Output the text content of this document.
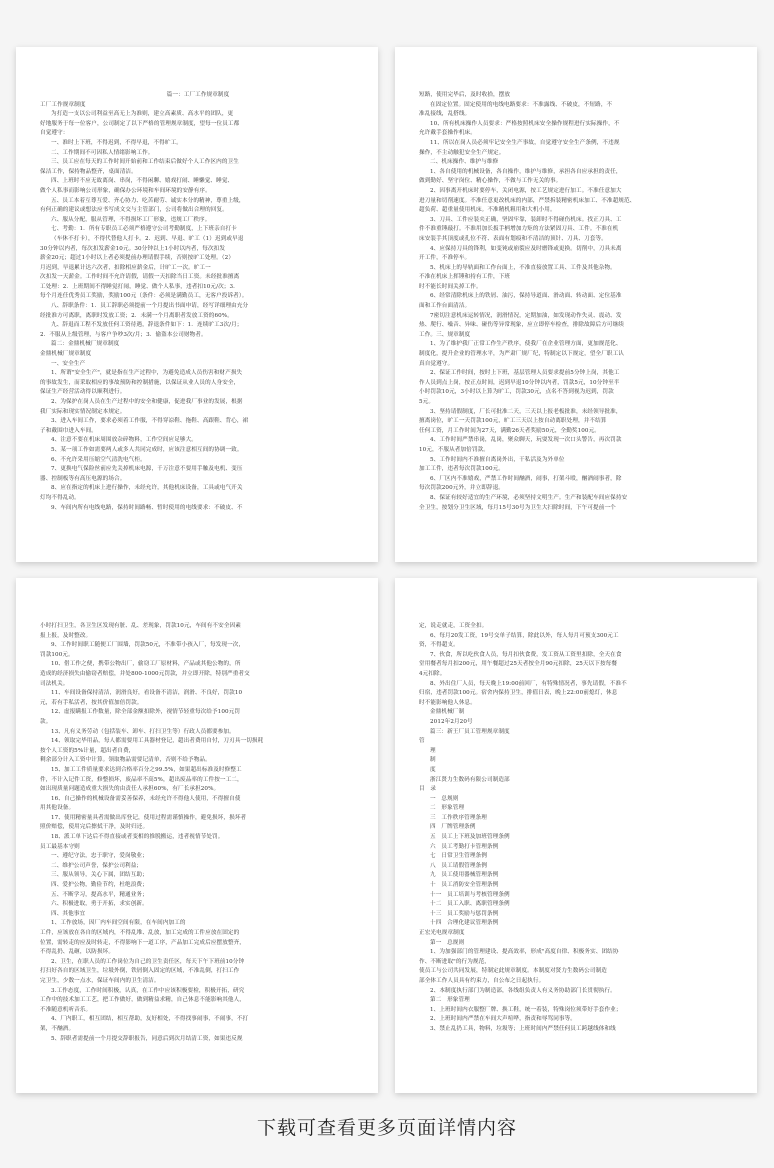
篇一：工厂工作规章制度
工厂工作规章制度
为打造一支以公司利益至高无上为准则，建立高素质、高水平的团队，更
好地服务于每一位客户，公司制定了以下严格的管理规章制度，望每一位员工都
自觉遵守：
一、准时上下班，不得迟到，不得早退，不得旷工。
二、工作期间不可因私人情绪影响工作。
三、员工应在每天的工作时间开始前和工作结束后做好个人工作区内的卫生
保洁工作，保持物品整齐，桌面清洁。
四、上班时不应无故离岗、串岗，不得闲聊、嬉戏打闹、睡懒觉、睡觉、
做个人私事而影响公司形象，确保办公环境和车间环境的安静有序。
五、员工本着互尊互爱、齐心协力、吃苦耐劳、诚实本分的精神，尊重上级，
有何正确的建议或想法应书写成文交与主管部门，公司将做出合理的回复。
六、服从分配，服从管理，不得损坏工厂形象，违规工厂秩序。
七、考勤：1．所有专职员工必须严格遵守公司考勤制度，上下班亲自打卡
（车休不打卡），不得代替他人打卡。2．迟到、早退、旷工（1）迟到或早退
30分钟以内者，每次扣发薪金10元。30分钟以上1小时以内者，每次扣发
薪金20元；超过1小时以上者必须提前办理请假手续，否则按旷工处理。（2）
月迟到，早退累计达六次者，扣除相应薪金后，计旷工一次。旷工一
次扣发一天薪金。工作时间不允许请假，请假一天扣除当日工资。未经批准擅离
工处理：2．上班期间不得睡觉打闹，睡觉、做个人私事，违者扣10元/次；3．
每个月连任优秀员工奖励，奖励100元（条件：必须是满勤员工，无客户投诉者）。
八、辞职条件：1．员工辞职必须提前一个月提出书面申请，经写详细理由充分
经批准方可离职，离职时发放工资；2．未满一个月离职者发放工资的60%。
九、辞退而工程不发放任何工资待遇，辞退条件如下：1．连续旷工3次/月；
2．不服从上级管理，与客户争吵3次/月；3．偷盗本公司财物者。
篇二：金鼎机械厂规章制度
金鼎机械厂规章制度
一、安全生产
1、所谓"安全生产"，就是指在生产过程中，为避免造成人员伤害和财产损失
的事故发生，而采取相应的事故预防和控制措施，以保证从业人员的人身安全，
保证生产经营活动得以顺利进行。
2、为保护在岗人员在生产过程中的安全和健康，促进我厂事业的发展，根据
我厂实际和现实情况制定本规定。
3、进入车间工作，要求必须着工作服，不得穿凉鞋、拖鞋、高跟鞋、背心，裙
子和戴围巾进入车间。
4、注意不要在机床周围放杂碎物料，工作空间应足够大。
5、某一项工作如需要两人或多人共同完成时，应该注意相互间的协调一致。
6、不允许采用压缩空气清洗电气柜。
7、更换电气保险丝前应先关掉机床电源，千万注意不要用手触及电机、变压
器、控制板等有高压电源的场合。
8、应在指定的机床上进行操作，未经允许，其他机床设备，工具或电气开关
灯均不得乱动。
9、车间内所有电线电路，保持时间路畅、暂时使用的电线要求：不破皮、不
短路，使用完毕后，及时收拾，摆放
在固定位置。固定使用的电线电路要求：不准露线、不破皮，不短路，不
准乱接线，乱搭线。
10、所有机床操作人员要求：严格按照机床安全操作规程进行实际操作，不
允许戴手套操作机床。
11、所以在岗人员必须牢记安全生产事故，自觉遵守安全生产条例，不违规
操作，不主动触犯安全生产规定。
二、机床操作、维护与维修
1、各自使用的机械设备，各自操作，维护与维修，承担各自应承担的责任，
做到勤好、坚守岗位、精心操作，不做与工作无关的事。
2、因事离开机床时要停车，关闭电源，按工艺规定进行加工。不准任意加大
进刀量和切削速度。不准任意更改机床的内部，严禁拆装精密机床加工、不准超规范、
超负荷、超重量使用机床。不准精机粗用和大机小用。
3、刀具、工件应装夹正确，坚固牢靠，装卸时不得碰伤机床。找正刀具、工
件不准重锤敲打。不准用加长扳手柄增加力矩的方法紧固刀具、工件。不准在机
床安装手其顶度或孔位不符、表面有划痕和不清洁的顶针、刀具、刀套等。
4、应保持刀具的锋利，如变钝或崩裂应及时磨锋或更换。切削中，刀具未离
开工件，不准停车。
5、机床上的导轨面和工作台面上，不准直接放置工具、工件及其他杂物。
不准在机床上挥锤和持有工件，下班
时不能长时间关掉工作。
6、经常清除机床上的铁屑、油污，保持导道面、滑动面、转动面、定位基准
面和工作台面清洁。
7密切注意机床运转情况，润滑情况，定期加油，如发现动作失灵、震动、发
热、爬行、噪音、异味、碰伤等异常现象，应立即停车检查，排除故障后方可继续
工作。三、规章制度
1、为了维护我厂正常工作生产秩序，使我厂在企业管理方面，更加规范化、
制度化，提升企业的管理水平，为严肃厂规厂纪，特制定以下规定，望全厂职工认
真自觉遵守。
2、保证工作时间，按时上下班，基层管理人员要求提前5分钟上岗，其他工
作人员到点上岗，按正点时间，迟到早退10分钟以内者，罚款5元，10分钟至半
小时罚款10元，3小时以上算为旷工，罚款30元，点名不答到视为迟到，罚款
5元。
3、坚持请假制度，厂长可批准二天，三天以上报老板批准，未经领导批准，
擅离岗位，旷工一天罚款100元，旷工三天以上按自动离职处理，并不结算
任何工资，月工作时间为27天，满勤26天者奖励50元，全勤奖100元。
4、工作时间严禁串岗，乱岗，聚众聊天，玩耍发现一次口头警告，再次罚款
10元，不服从者加倍罚款。
5、工作时间内不准擅自离岗外出，干私活及为外单位
加工工件，违者每次罚款100元。
6、厂区内不准嬉戏，严禁工作时间酗酒，闹事，打架斗殴，酗酒闹事者，除
每次罚款200元外，并立即辞退。
8、保证有较好适宜的生产环境，必须坚持文明生产。生产和装配车间应保持安
全卫生，按划分卫生区域，每月15号30号为卫生大扫除时间，下午可提前一个
小时打扫卫生，各卫生区发现有脏、乱、差现象，罚款10元，车间有不安全因素
报上报，及时整改。
9、工作时间职工随便工厂围墙，罚款50元，不准带小孩入厂，每发现一次，
罚款100元。
10、借工作之便，携带公物出厂，偷窃工厂原材料，产品或其他公物的，所
造成的经济损失由偷窃者赔偿，并处800-1000元罚款，并立即开除，特别严重者交
司法机关。
11、车间设备保持清洁，润滑良好，看设备不清洁，润滑、不良好，罚款10
元，若有手私活者，按其价值加倍罚款。
12、虚报瞒报工作数量，除全部金额扣除外，视情节轻重每次给予100元罚
款。
13、凡有义务劳动（包括装车、卸车、打扫卫生等）行政人员都要参加。
14、领取完毕用品，每人都需要用工具器材登记，超出者费用自付，刀刃具一切损耗
按个人工资的5%计量，超出者自费，
剩余部分计入工资中计算。领取物品需要记清单，否则不给予物品。
15、加工工件质量要求达到合格率百分之99.5%，如果超出标准及时修整工
件，不计入记件工资，修整损坏，废品率不高5%，超出废品率的工件按一工二，
如出现质量问题造成重大损失的由责任人承担60%，有厂长承担20%。
16、自己操作的机械设备需妥善保养，未经允许不得他人使用，不得擅自使
用其他设备。
17、使用精密量具者需做出库登记，使用过程需谨慎操作，避免损坏，损坏者
照价赔偿，使用完后擦拭干净，及时归还。
18、派工单下达后不得直接或者变相的推脱搬运，违者视情节处罚。
员工最基本守则
一、遵纪守法，忠于职守，爱岗敬业；
二、维护公司声誉，保护公司利益；
三、服从领导，关心下属，团结互助；
四、爱护公物，勤俭节约，杜绝浪费；
五、不断学习，提高水平，精通业务；
六、积极进取，勇于开拓，求实创新。
四、其他事宜
1、工作放场，因厂内车间空间有限，在车间内加工的
工件，应该放在各自的区域内，不得乱堆、乱放，加工完成的工件应放在固定的
位置，需转走的应及时转走，不得影响下一道工序，产品加工完成后应摆放整齐，
不得乱扔、乱砸，以防损坏。
2、卫生，在职人员的工作岗位为自己的卫生责任区，每天下午下班前10分钟
打扫好各自的区域卫生，垃圾外倒，铁屑倒入固定的区域，不准乱倒，打扫工作
完卫生，少数一点水，保证车间内的卫生清洁。
3.工作态度，工作时间积极，认真，在工作中应该积极要检，积极开拓，研究
工作中的技术加工工艺，把工作做好，做到精益求精，自己休息不能影响其他人，
不准随意机听音乐。
4、厂内职工，相互团结，相互帮助，友好相处，不得找事闹事，不闹事，不打
架，不酗酒。
5、辞职者需提前一个月提交辞职报告，同意后到次月结清工资，如果违反规
定，说走就走，工资全扣。
6、每月20发工资，19号交单子结算，除此以外，每人每月可预支300元工
资，不得超支。
7、伙食，所以吃伙食人员，每月扣伙食费，发工资从工资里扣除，全天在食
堂用餐者每月扣200元，用午餐超过25天者按全月90元扣除，25天以下按每餐
4元扣除。
8、外出住厂人员，每天晚上19:00前回厂，有特殊情况者，事先请假，不准不
归宿，违者罚款100元。宿舍内保持卫生，排值日表，晚上22:00前熄灯，休息
时不能影响他人休息。
金鼎机械厂制
2012年2月20号
篇三：新王厂员工管理规章制度
管
理
制
度
浙江贤力生数码有限公司制造部
目　录
一　总规则
二　形象管理
三　工作秩序管理条理
四　厂牌管理条例
五　员工上下班及加班管理条例
六　员工考勤打卡管理条例
七　日常卫生管理条例
八　员工请假管理条例
九　员工使用器械管理条例
十　员工消防安全管理条例
十一　员工培训与考核管理条例
十二　员工入职、离职管理条例
十三　员工奖励与惩罚条例
十四　合理化建议管理条例
正宏光电规章制度
第一　总规则
1、为加强部门的管理建设、提高效率，形成"高度自律、积极务实、团结协
作、不断进取"的行为规范，
使员工与公司共同发展，特制定此规章制度。本制度对贤力生数码公司制造
部全体工作人员具有约束力，自公布之日起执行。
2、本制度执行部门为制造部，各线组负责人有义务协助部门长贯彻执行。
第二　形象管理
1、上班时间内衣服整厂牌、换工鞋，统一着装，特殊岗位须带好手套作业；
2、上班时间内严禁在车间大声喧哗，指责和辱骂同事等。
3、禁止乱扔工具，物料，垃圾等；上班时间内严禁任何员工跨越线体和线
下载可查看更多页面详情内容
